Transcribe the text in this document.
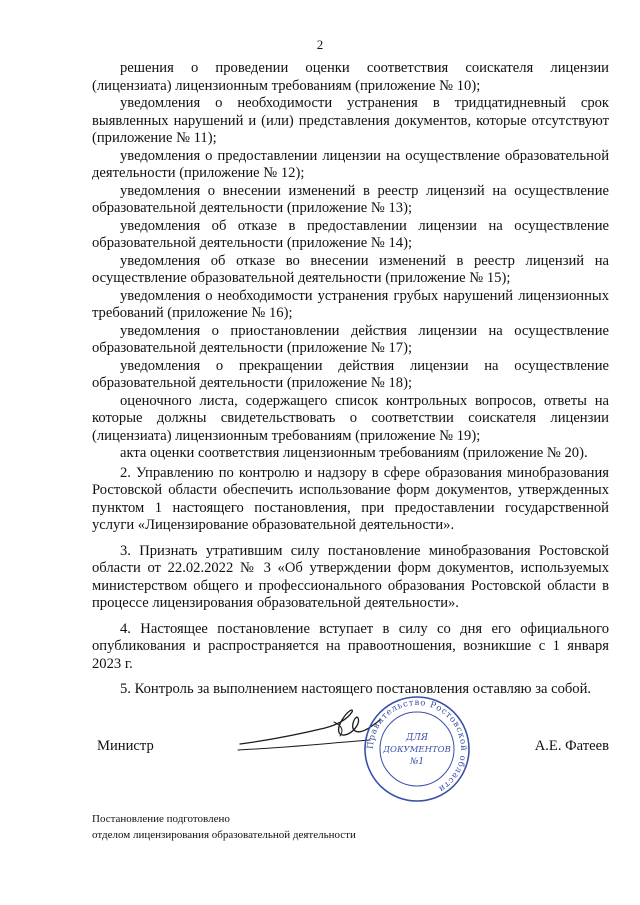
2

решения о проведении оценки соответствия соискателя лицензии (лицензиата) лицензионным требованиям (приложение № 10);

уведомления о необходимости устранения в тридцатидневный срок выявленных нарушений и (или) представления документов, которые отсутствуют (приложение № 11);

уведомления о предоставлении лицензии на осуществление образовательной деятельности (приложение № 12);

уведомления о внесении изменений в реестр лицензий на осуществление образовательной деятельности (приложение № 13);

уведомления об отказе в предоставлении лицензии на осуществление образовательной деятельности (приложение № 14);

уведомления об отказе во внесении изменений в реестр лицензий на осуществление образовательной деятельности (приложение № 15);

уведомления о необходимости устранения грубых нарушений лицензионных требований (приложение № 16);

уведомления о приостановлении действия лицензии на осуществление образовательной деятельности (приложение № 17);

уведомления о прекращении действия лицензии на осуществление образовательной деятельности (приложение № 18);

оценочного листа, содержащего список контрольных вопросов, ответы на которые должны свидетельствовать о соответствии соискателя лицензии (лицензиата) лицензионным требованиям (приложение № 19);

акта оценки соответствия лицензионным требованиям (приложение № 20).

2. Управлению по контролю и надзору в сфере образования минобразования Ростовской области обеспечить использование форм документов, утвержденных пунктом 1 настоящего постановления, при предоставлении государственной услуги «Лицензирование образовательной деятельности».

3. Признать утратившим силу постановление минобразования Ростовской области от 22.02.2022 № 3 «Об утверждении форм документов, используемых министерством общего и профессионального образования Ростовской области в процессе лицензирования образовательной деятельности».

4. Настоящее постановление вступает в силу со дня его официального опубликования и распространяется на правоотношения, возникшие с 1 января 2023 г.

5. Контроль за выполнением настоящего постановления оставляю за собой.

Правительство Ростовской области
ДЛЯ
ДОКУМЕНТОВ
№1
Министр	А.Е. Фатеев
Постановление подготовлено
отделом лицензирования образовательной деятельности
